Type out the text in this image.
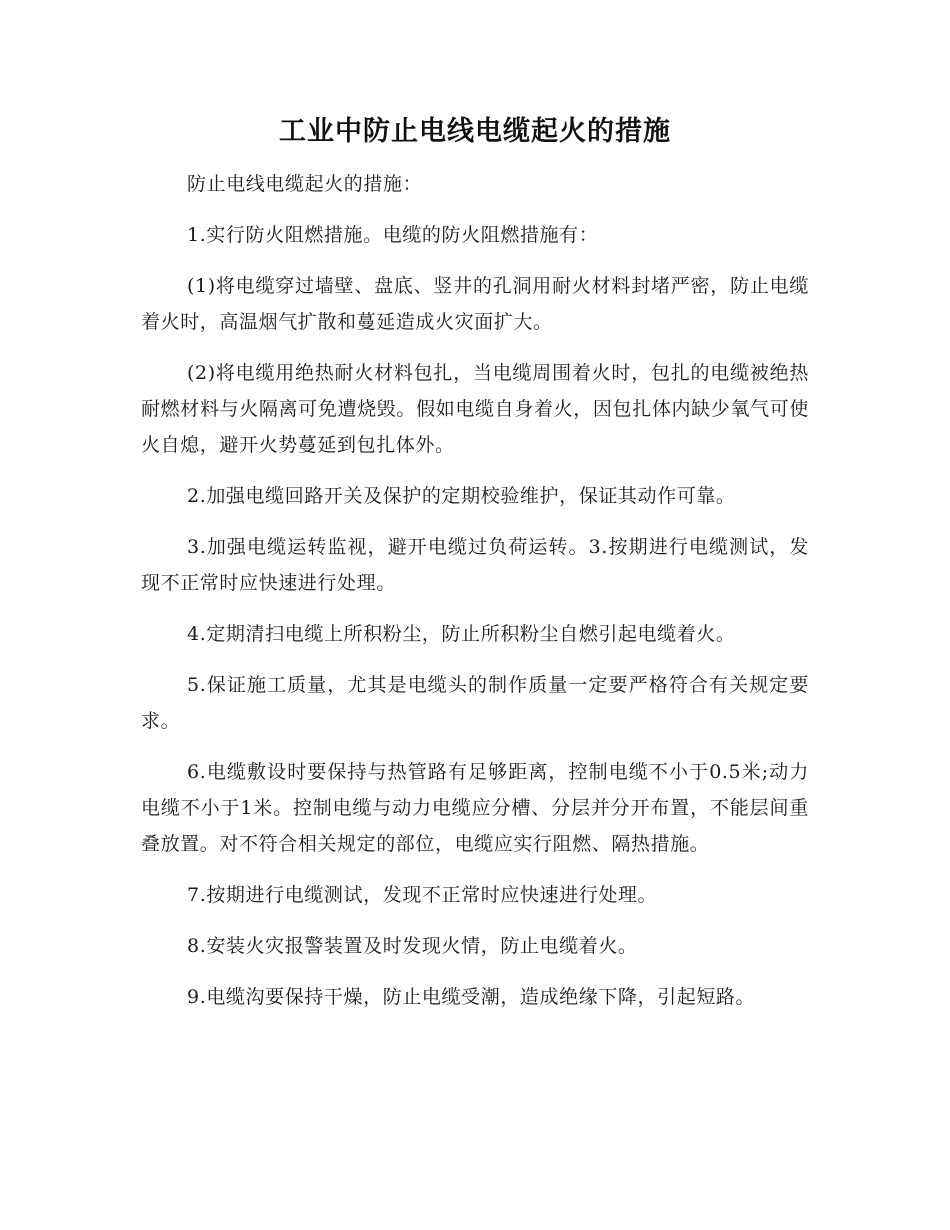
工业中防止电线电缆起火的措施

防止电线电缆起火的措施：

1.实行防火阻燃措施。电缆的防火阻燃措施有：

(1)将电缆穿过墙壁、盘底、竖井的孔洞用耐火材料封堵严密，防止电缆着火时，高温烟气扩散和蔓延造成火灾面扩大。

(2)将电缆用绝热耐火材料包扎，当电缆周围着火时，包扎的电缆被绝热耐燃材料与火隔离可免遭烧毁。假如电缆自身着火，因包扎体内缺少氧气可使火自熄，避开火势蔓延到包扎体外。

2.加强电缆回路开关及保护的定期校验维护，保证其动作可靠。

3.加强电缆运转监视，避开电缆过负荷运转。3.按期进行电缆测试，发现不正常时应快速进行处理。

4.定期清扫电缆上所积粉尘，防止所积粉尘自燃引起电缆着火。

5.保证施工质量，尤其是电缆头的制作质量一定要严格符合有关规定要求。

6.电缆敷设时要保持与热管路有足够距离，控制电缆不小于0.5米;动力电缆不小于1米。控制电缆与动力电缆应分槽、分层并分开布置，不能层间重叠放置。对不符合相关规定的部位，电缆应实行阻燃、隔热措施。

7.按期进行电缆测试，发现不正常时应快速进行处理。

8.安装火灾报警装置及时发现火情，防止电缆着火。

9.电缆沟要保持干燥，防止电缆受潮，造成绝缘下降，引起短路。
